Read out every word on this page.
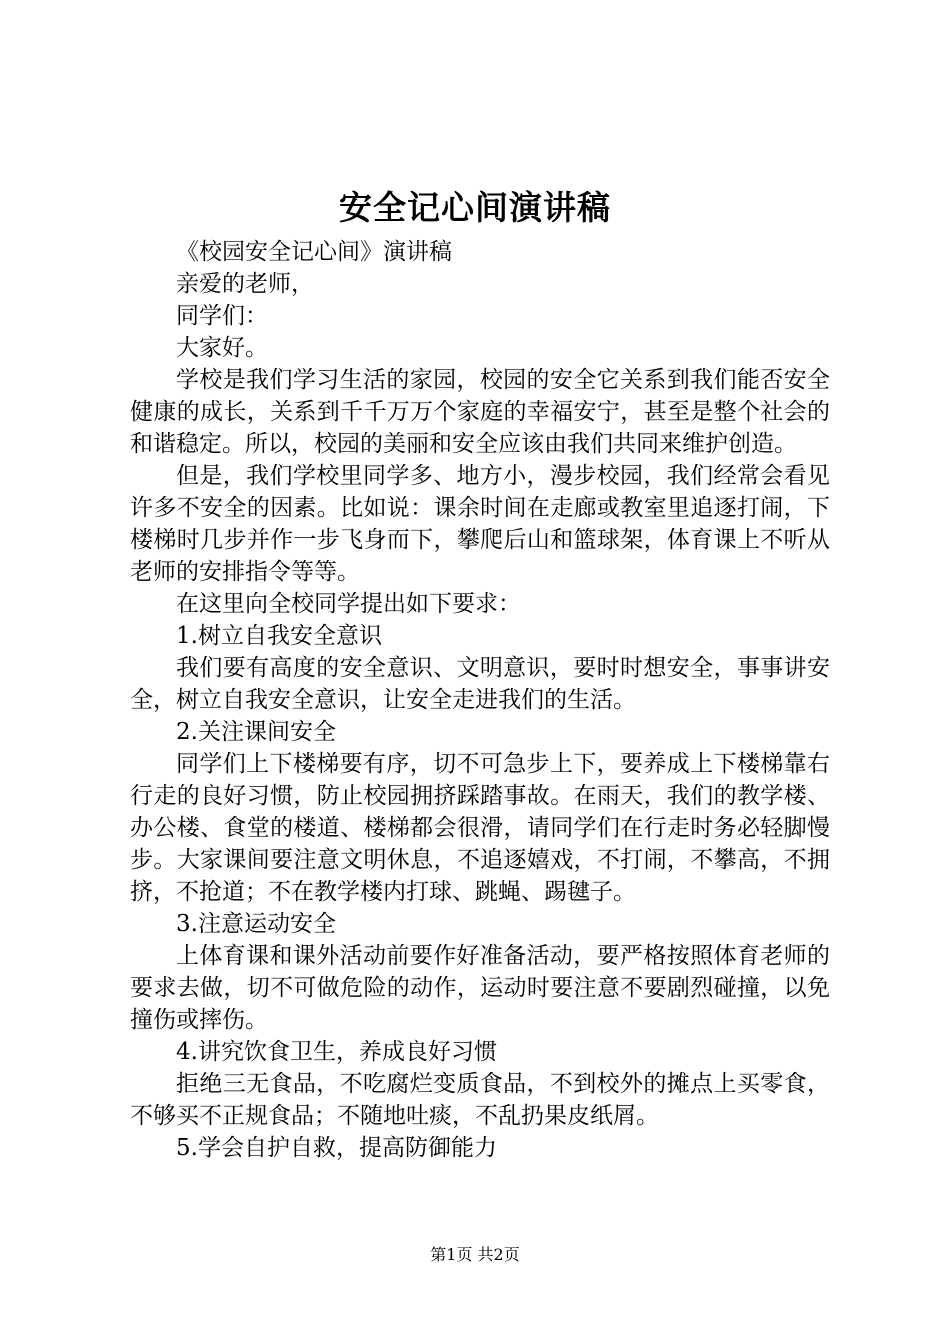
安全记心间演讲稿

《校园安全记心间》演讲稿

亲爱的老师，

同学们：

大家好。

学校是我们学习生活的家园，校园的安全它关系到我们能否安全健康的成长，关系到千千万万个家庭的幸福安宁，甚至是整个社会的和谐稳定。所以，校园的美丽和安全应该由我们共同来维护创造。

但是，我们学校里同学多、地方小，漫步校园，我们经常会看见许多不安全的因素。比如说：课余时间在走廊或教室里追逐打闹，下楼梯时几步并作一步飞身而下，攀爬后山和篮球架，体育课上不听从老师的安排指令等等。

在这里向全校同学提出如下要求：

1.树立自我安全意识

我们要有高度的安全意识、文明意识，要时时想安全，事事讲安全，树立自我安全意识，让安全走进我们的生活。

2.关注课间安全

同学们上下楼梯要有序，切不可急步上下，要养成上下楼梯靠右行走的良好习惯，防止校园拥挤踩踏事故。在雨天，我们的教学楼、办公楼、食堂的楼道、楼梯都会很滑，请同学们在行走时务必轻脚慢步。大家课间要注意文明休息，不追逐嬉戏，不打闹，不攀高，不拥挤，不抢道；不在教学楼内打球、跳蝇、踢毽子。

3.注意运动安全

上体育课和课外活动前要作好准备活动，要严格按照体育老师的要求去做，切不可做危险的动作，运动时要注意不要剧烈碰撞，以免撞伤或摔伤。

4.讲究饮食卫生，养成良好习惯

拒绝三无食品，不吃腐烂变质食品，不到校外的摊点上买零食，不够买不正规食品；不随地吐痰，不乱扔果皮纸屑。

5.学会自护自救，提高防御能力

第1页 共2页
